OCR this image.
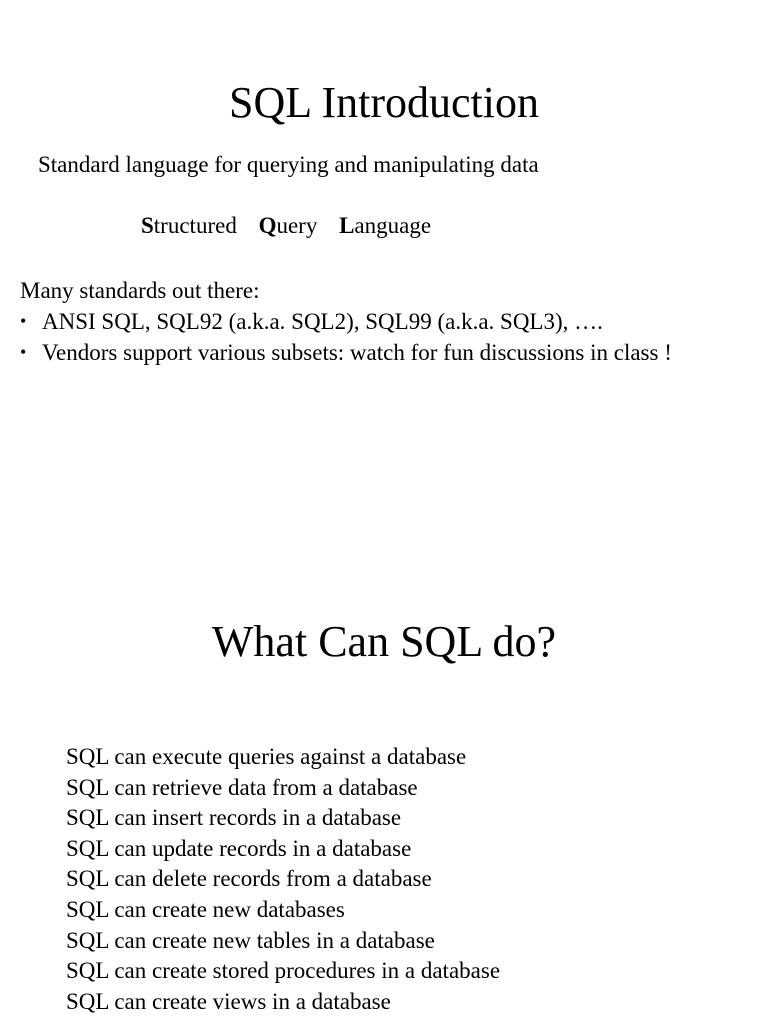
SQL Introduction
Standard language for querying and manipulating data
Structured Query Language
Many standards out there:
• ANSI SQL, SQL92 (a.k.a. SQL2), SQL99 (a.k.a. SQL3), ….
• Vendors support various subsets: watch for fun discussions in class !
What Can SQL do?
SQL can execute queries against a database
SQL can retrieve data from a database
SQL can insert records in a database
SQL can update records in a database
SQL can delete records from a database
SQL can create new databases
SQL can create new tables in a database
SQL can create stored procedures in a database
SQL can create views in a database
